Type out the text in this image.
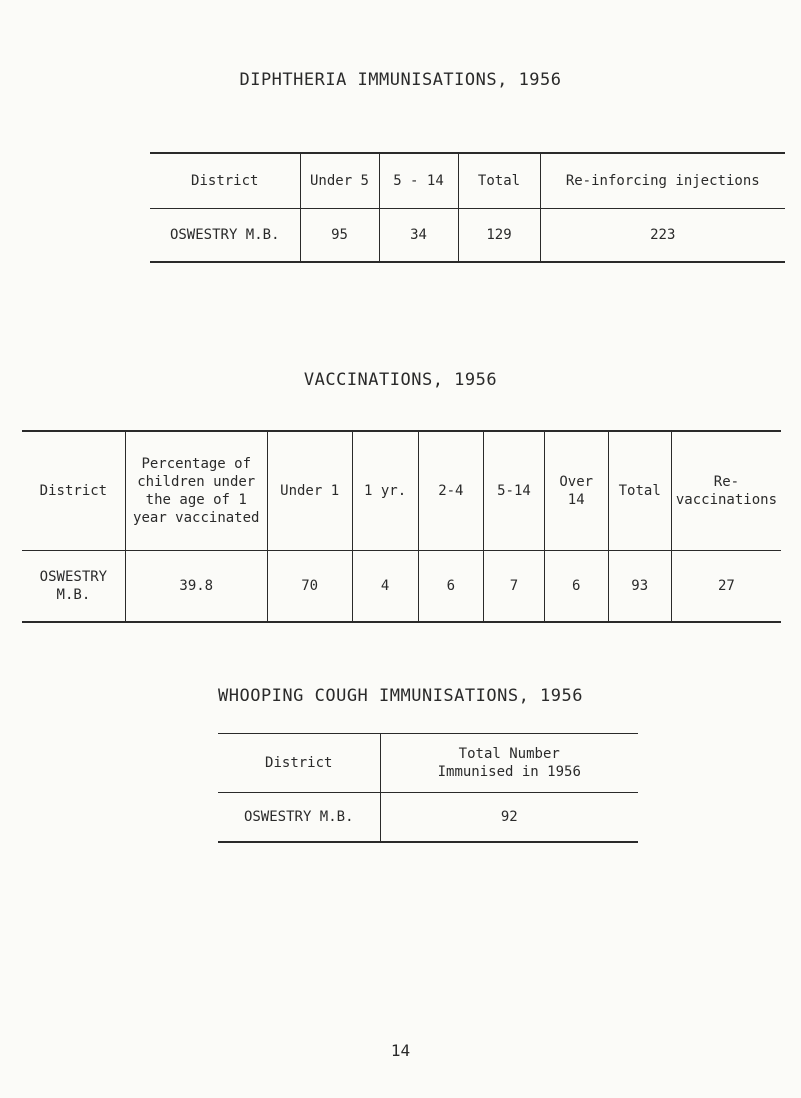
DIPHTHERIA IMMUNISATIONS, 1956
District	Under 5	5 - 14	Total	Re-inforcing injections
OSWESTRY M.B.	95	34	129	223
VACCINATIONS, 1956
District	Percentage of children under the age of 1 year vaccinated	Under 1	1 yr.	2-4	5-14	Over 14	Total	Re-vaccinations
OSWESTRY M.B.	39.8	70	4	6	7	6	93	27
WHOOPING COUGH IMMUNISATIONS, 1956
District	Total Number Immunised in 1956
OSWESTRY M.B.	92
14
